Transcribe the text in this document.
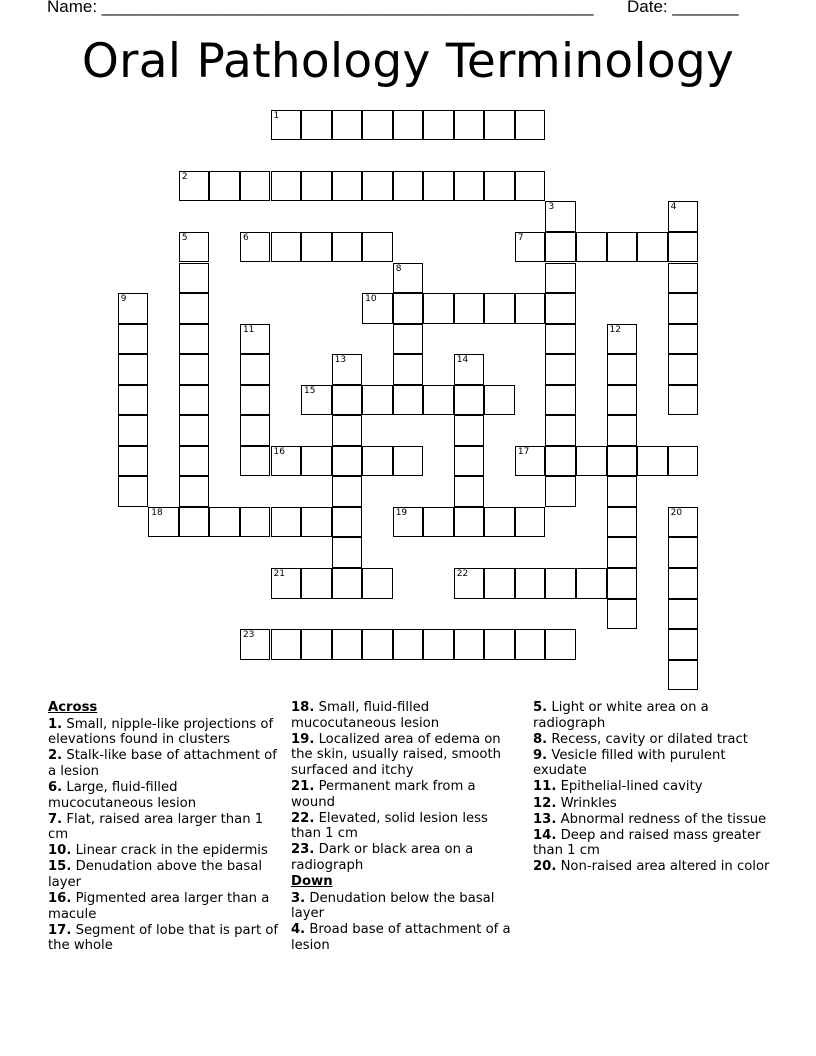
Name: ____________________________________________________ Date: _______
Oral Pathology Terminology
1
2
3	4
5	6	7
8
9	10
11	12
13	14
15
16	17
18	19	20
21	22
23
Across
1. Small, nipple-like projections of elevations found in clusters
2. Stalk-like base of attachment of a lesion
6. Large, fluid-filled mucocutaneous lesion
7. Flat, raised area larger than 1 cm
10. Linear crack in the epidermis
15. Denudation above the basal layer
16. Pigmented area larger than a macule
17. Segment of lobe that is part of the whole
18. Small, fluid-filled mucocutaneous lesion
19. Localized area of edema on the skin, usually raised, smooth surfaced and itchy
21. Permanent mark from a wound
22. Elevated, solid lesion less than 1 cm
23. Dark or black area on a radiograph
Down
3. Denudation below the basal layer
4. Broad base of attachment of a lesion
5. Light or white area on a radiograph
8. Recess, cavity or dilated tract
9. Vesicle filled with purulent exudate
11. Epithelial-lined cavity
12. Wrinkles
13. Abnormal redness of the tissue
14. Deep and raised mass greater than 1 cm
20. Non-raised area altered in color
